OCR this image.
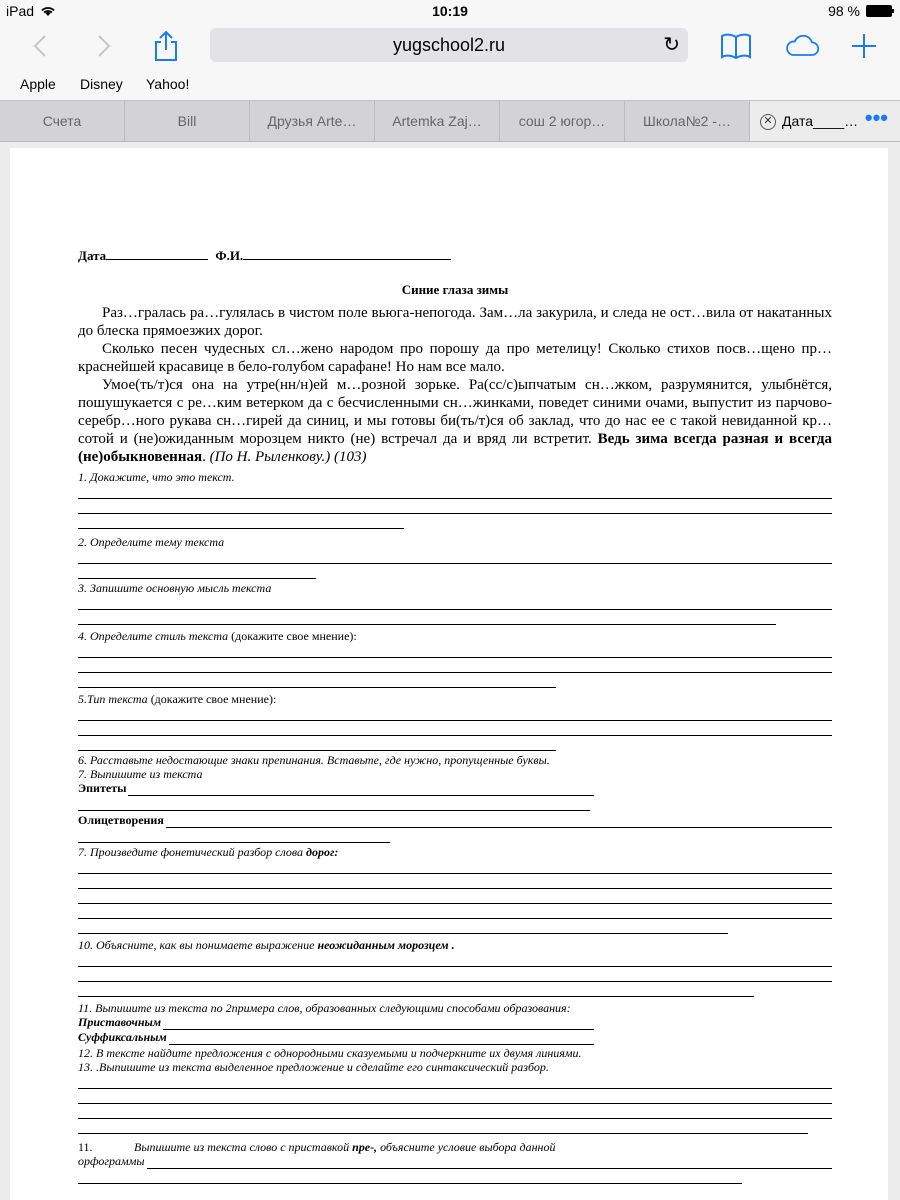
iPad	10:19	98 %
yugschool2.ru	↻
Apple Disney Yahoo!
Счета	Bill	Друзья Arte…	Artemka Zaj…	сош 2 югор…	Школа№2 -…	✕ Дата____… •••
Дата	Ф.И.
Синие глаза зимы

Раз…гралась ра…гулялась в чистом поле вьюга-непогода. Зам…ла закурила, и следа не ост…вила от накатанных до блеска прямоезжих дорог.

Сколько песен чудесных сл…жено народом про порошу да про метелицу! Сколько стихов посв…щено пр…краснейшей красавице в бело-голубом сарафане! Но нам все мало.

Умое(ть/т)ся она на утре(нн/н)ей м…розной зорьке. Ра(сс/с)ыпчатым сн…жком, разрумянится, улыбнётся, пошушукается с ре…ким ветерком да с бесчисленными сн…жинками, поведет синими очами, выпустит из парчово-серебр…ного рукава сн…гирей да синиц, и мы готовы би(ть/т)ся об заклад, что до нас ее с такой невиданной кр…сотой и (не)ожиданным морозцем никто (не) встречал да и вряд ли встретит. Ведь зима всегда разная и всегда (не)обыкновенная. (По Н. Рыленкову.) (103)

1. Докажите, что это текст.
2. Определите тему текста
3. Запишите основную мысль текста
4. Определите стиль текста (докажите свое мнение):
5.Тип текста (докажите свое мнение):
6. Расставьте недостающие знаки препинания. Вставьте, где нужно, пропущенные буквы.
7. Выпишите из текста
Эпитеты
Олицетворения
7. Произведите фонетический разбор слова дорог:
10. Объясните, как вы понимаете выражение неожиданным морозцем .
11. Выпишите из текста по 2примера слов, образованных следующими способами образования:
Приставочным
Суффиксальным
12. В тексте найдите предложения с однородными сказуемыми и подчеркните их двумя линиями.
13. .Выпишите из текста выделенное предложение и сделайте его синтаксический разбор.
11.	Выпишите из текста слово с приставкой пре-, объясните условие выбора данной
орфограммы
